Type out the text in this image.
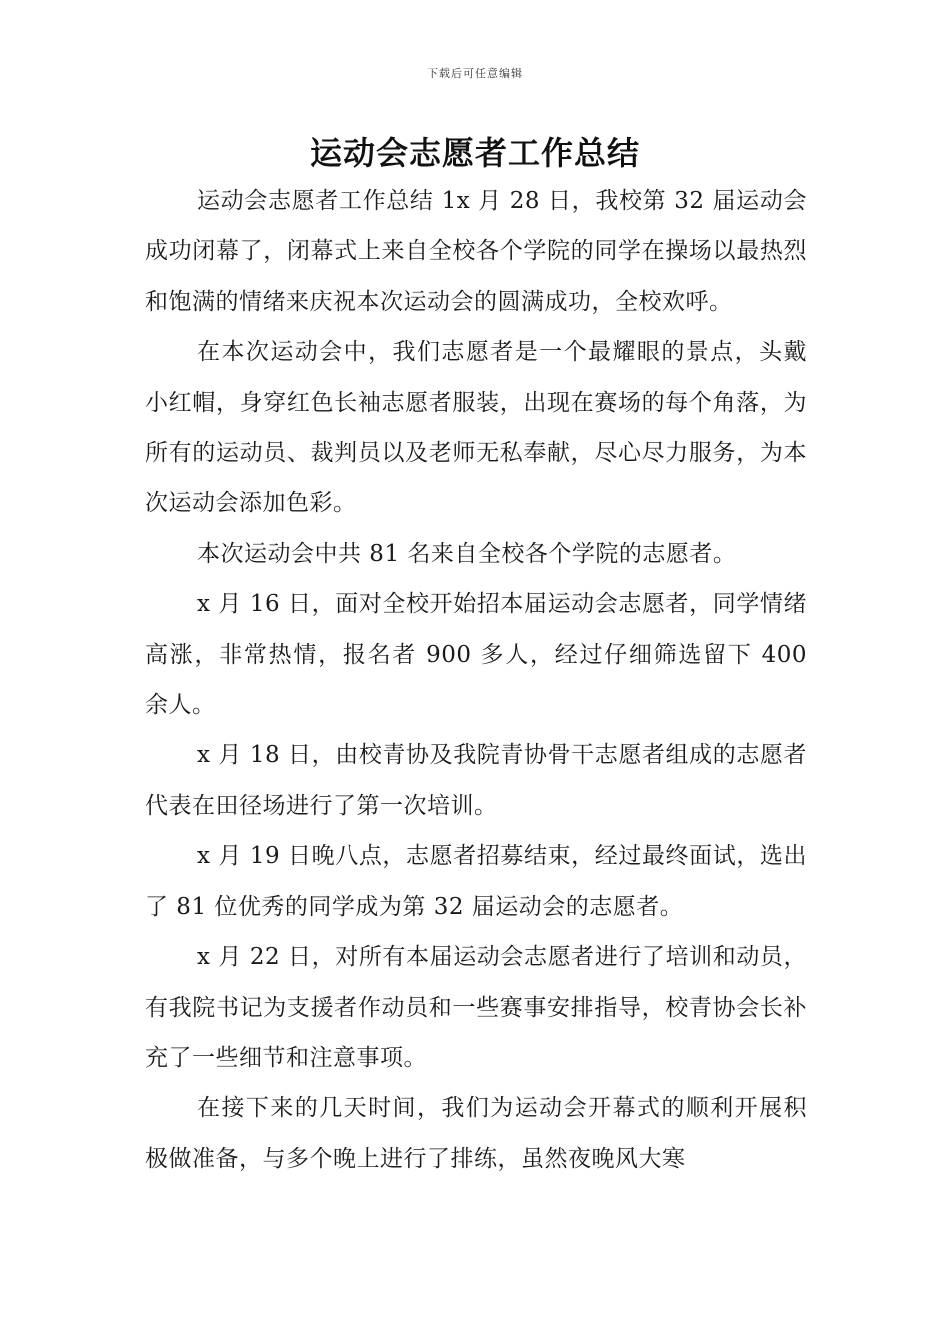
下载后可任意编辑
运动会志愿者工作总结

运动会志愿者工作总结 1x 月 28 日，我校第 32 届运动会成功闭幕了，闭幕式上来自全校各个学院的同学在操场以最热烈和饱满的情绪来庆祝本次运动会的圆满成功，全校欢呼。

在本次运动会中，我们志愿者是一个最耀眼的景点，头戴小红帽，身穿红色长袖志愿者服装，出现在赛场的每个角落，为所有的运动员、裁判员以及老师无私奉献，尽心尽力服务，为本次运动会添加色彩。

本次运动会中共 81 名来自全校各个学院的志愿者。

x 月 16 日，面对全校开始招本届运动会志愿者，同学情绪高涨，非常热情，报名者 900 多人，经过仔细筛选留下 400 余人。

x 月 18 日，由校青协及我院青协骨干志愿者组成的志愿者代表在田径场进行了第一次培训。

x 月 19 日晚八点，志愿者招募结束，经过最终面试，选出了 81 位优秀的同学成为第 32 届运动会的志愿者。

x 月 22 日，对所有本届运动会志愿者进行了培训和动员，有我院书记为支援者作动员和一些赛事安排指导，校青协会长补充了一些细节和注意事项。

在接下来的几天时间，我们为运动会开幕式的顺利开展积极做准备，与多个晚上进行了排练，虽然夜晚风大寒
